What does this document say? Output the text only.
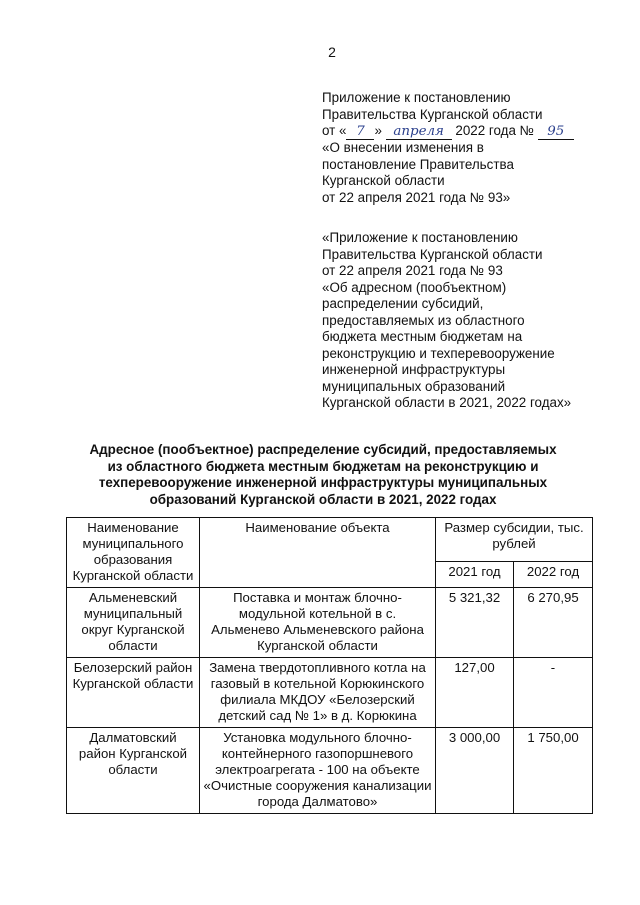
2
Приложение к постановлению
Правительства Курганской области
от « 7 » апреля 2022 года № 95
«О внесении изменения в
постановление Правительства
Курганской области
от 22 апреля 2021 года № 93»
«Приложение к постановлению
Правительства Курганской области
от 22 апреля 2021 года № 93
«Об адресном (пообъектном)
распределении субсидий,
предоставляемых из областного
бюджета местным бюджетам на
реконструкцию и техперевооружение
инженерной инфраструктуры
муниципальных образований
Курганской области в 2021, 2022 годах»
Адресное (пообъектное) распределение субсидий, предоставляемых
из областного бюджета местным бюджетам на реконструкцию и
техперевооружение инженерной инфраструктуры муниципальных
образований Курганской области в 2021, 2022 годах
Наименование муниципального образования Курганской области	Наименование объекта	Размер субсидии, тыс. рублей	
		2021 год	2022 год
Альменевский муниципальный округ Курганской области	Поставка и монтаж блочно-модульной котельной в с. Альменево Альменевского района Курганской области	5 321,32	6 270,95
Белозерский район Курганской области	Замена твердотопливного котла на газовый в котельной Корюкинского филиала МКДОУ «Белозерский детский сад № 1» в д. Корюкина	127,00	-
Далматовский район Курганской области	Установка модульного блочно-контейнерного газопоршневого электроагрегата - 100 на объекте «Очистные сооружения канализации города Далматово»	3 000,00	1 750,00
